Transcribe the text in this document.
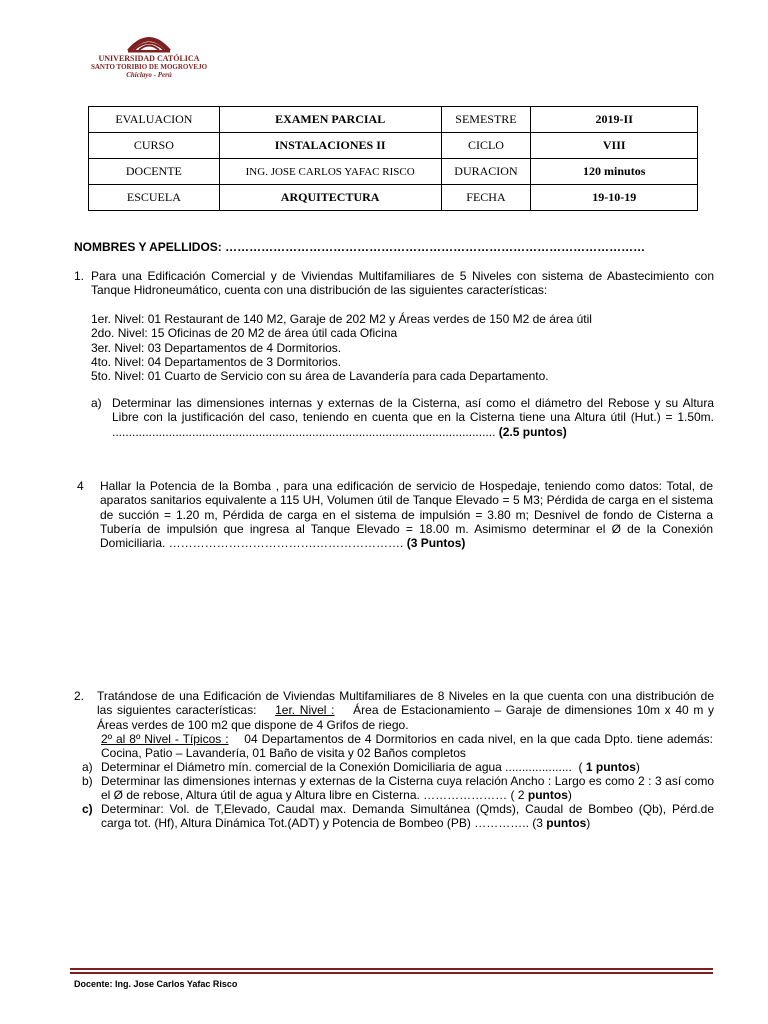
UNIVERSIDAD CATÓLICA
SANTO TORIBIO DE MOGROVEJO
Chiclayo - Perú
EVALUACION	EXAMEN PARCIAL	SEMESTRE	2019-II
CURSO	INSTALACIONES II	CICLO	VIII
DOCENTE	ING. JOSE CARLOS YAFAC RISCO	DURACION	120 minutos
ESCUELA	ARQUITECTURA	FECHA	19-10-19
NOMBRES Y APELLIDOS: ……………………………………………………………………………………………
1. Para una Edificación Comercial y de Viviendas Multifamiliares de 5 Niveles con sistema de Abastecimiento con Tanque Hidroneumático, cuenta con una distribución de las siguientes características:
1er. Nivel: 01 Restaurant de 140 M2, Garaje de 202 M2 y Áreas verdes de 150 M2 de área útil
2do. Nivel: 15 Oficinas de 20 M2 de área útil cada Oficina
3er. Nivel: 03 Departamentos de 4 Dormitorios.
4to. Nivel: 04 Departamentos de 3 Dormitorios.
5to. Nivel: 01 Cuarto de Servicio con su área de Lavandería para cada Departamento.
a) Determinar las dimensiones internas y externas de la Cisterna, así como el diámetro del Rebose y su Altura Libre con la justificación del caso, teniendo en cuenta que en la Cisterna tiene una Altura útil (Hut.) = 1.50m. ................................................................................................................... (2.5 puntos)
4	Hallar la Potencia de la Bomba , para una edificación de servicio de Hospedaje, teniendo como datos: Total, de aparatos sanitarios equivalente a 115 UH, Volumen útil de Tanque Elevado = 5 M3; Pérdida de carga en el sistema de succión = 1.20 m, Pérdida de carga en el sistema de impulsión = 3.80 m; Desnivel de fondo de Cisterna a Tubería de impulsión que ingresa al Tanque Elevado = 18.00 m. Asimismo determinar el Ø de la Conexión Domiciliaria. ……………………………….…………………. (3 Puntos)
2.	Tratándose de una Edificación de Viviendas Multifamiliares de 8 Niveles en la que cuenta con una distribución de las siguientes características: 1er. Nivel : Área de Estacionamiento – Garaje de dimensiones 10m x 40 m y Áreas verdes de 100 m2 que dispone de 4 Grifos de riego.
2º al 8º Nivel - Típicos : 04 Departamentos de 4 Dormitorios en cada nivel, en la que cada Dpto. tiene además: Cocina, Patio – Lavandería, 01 Baño de visita y 02 Baños completos
a) Determinar el Diámetro mín. comercial de la Conexión Domiciliaria de agua .................... ( 1 puntos)
b) Determinar las dimensiones internas y externas de la Cisterna cuya relación Ancho : Largo es como 2 : 3 así como el Ø de rebose, Altura útil de agua y Altura libre en Cisterna. ………………… ( 2 puntos)
c) Determinar: Vol. de T,Elevado, Caudal max. Demanda Simultánea (Qmds), Caudal de Bombeo (Qb), Pérd.de carga tot. (Hf), Altura Dinámica Tot.(ADT) y Potencia de Bombeo (PB) ………….. (3 puntos)
Docente: Ing. Jose Carlos Yafac Risco
